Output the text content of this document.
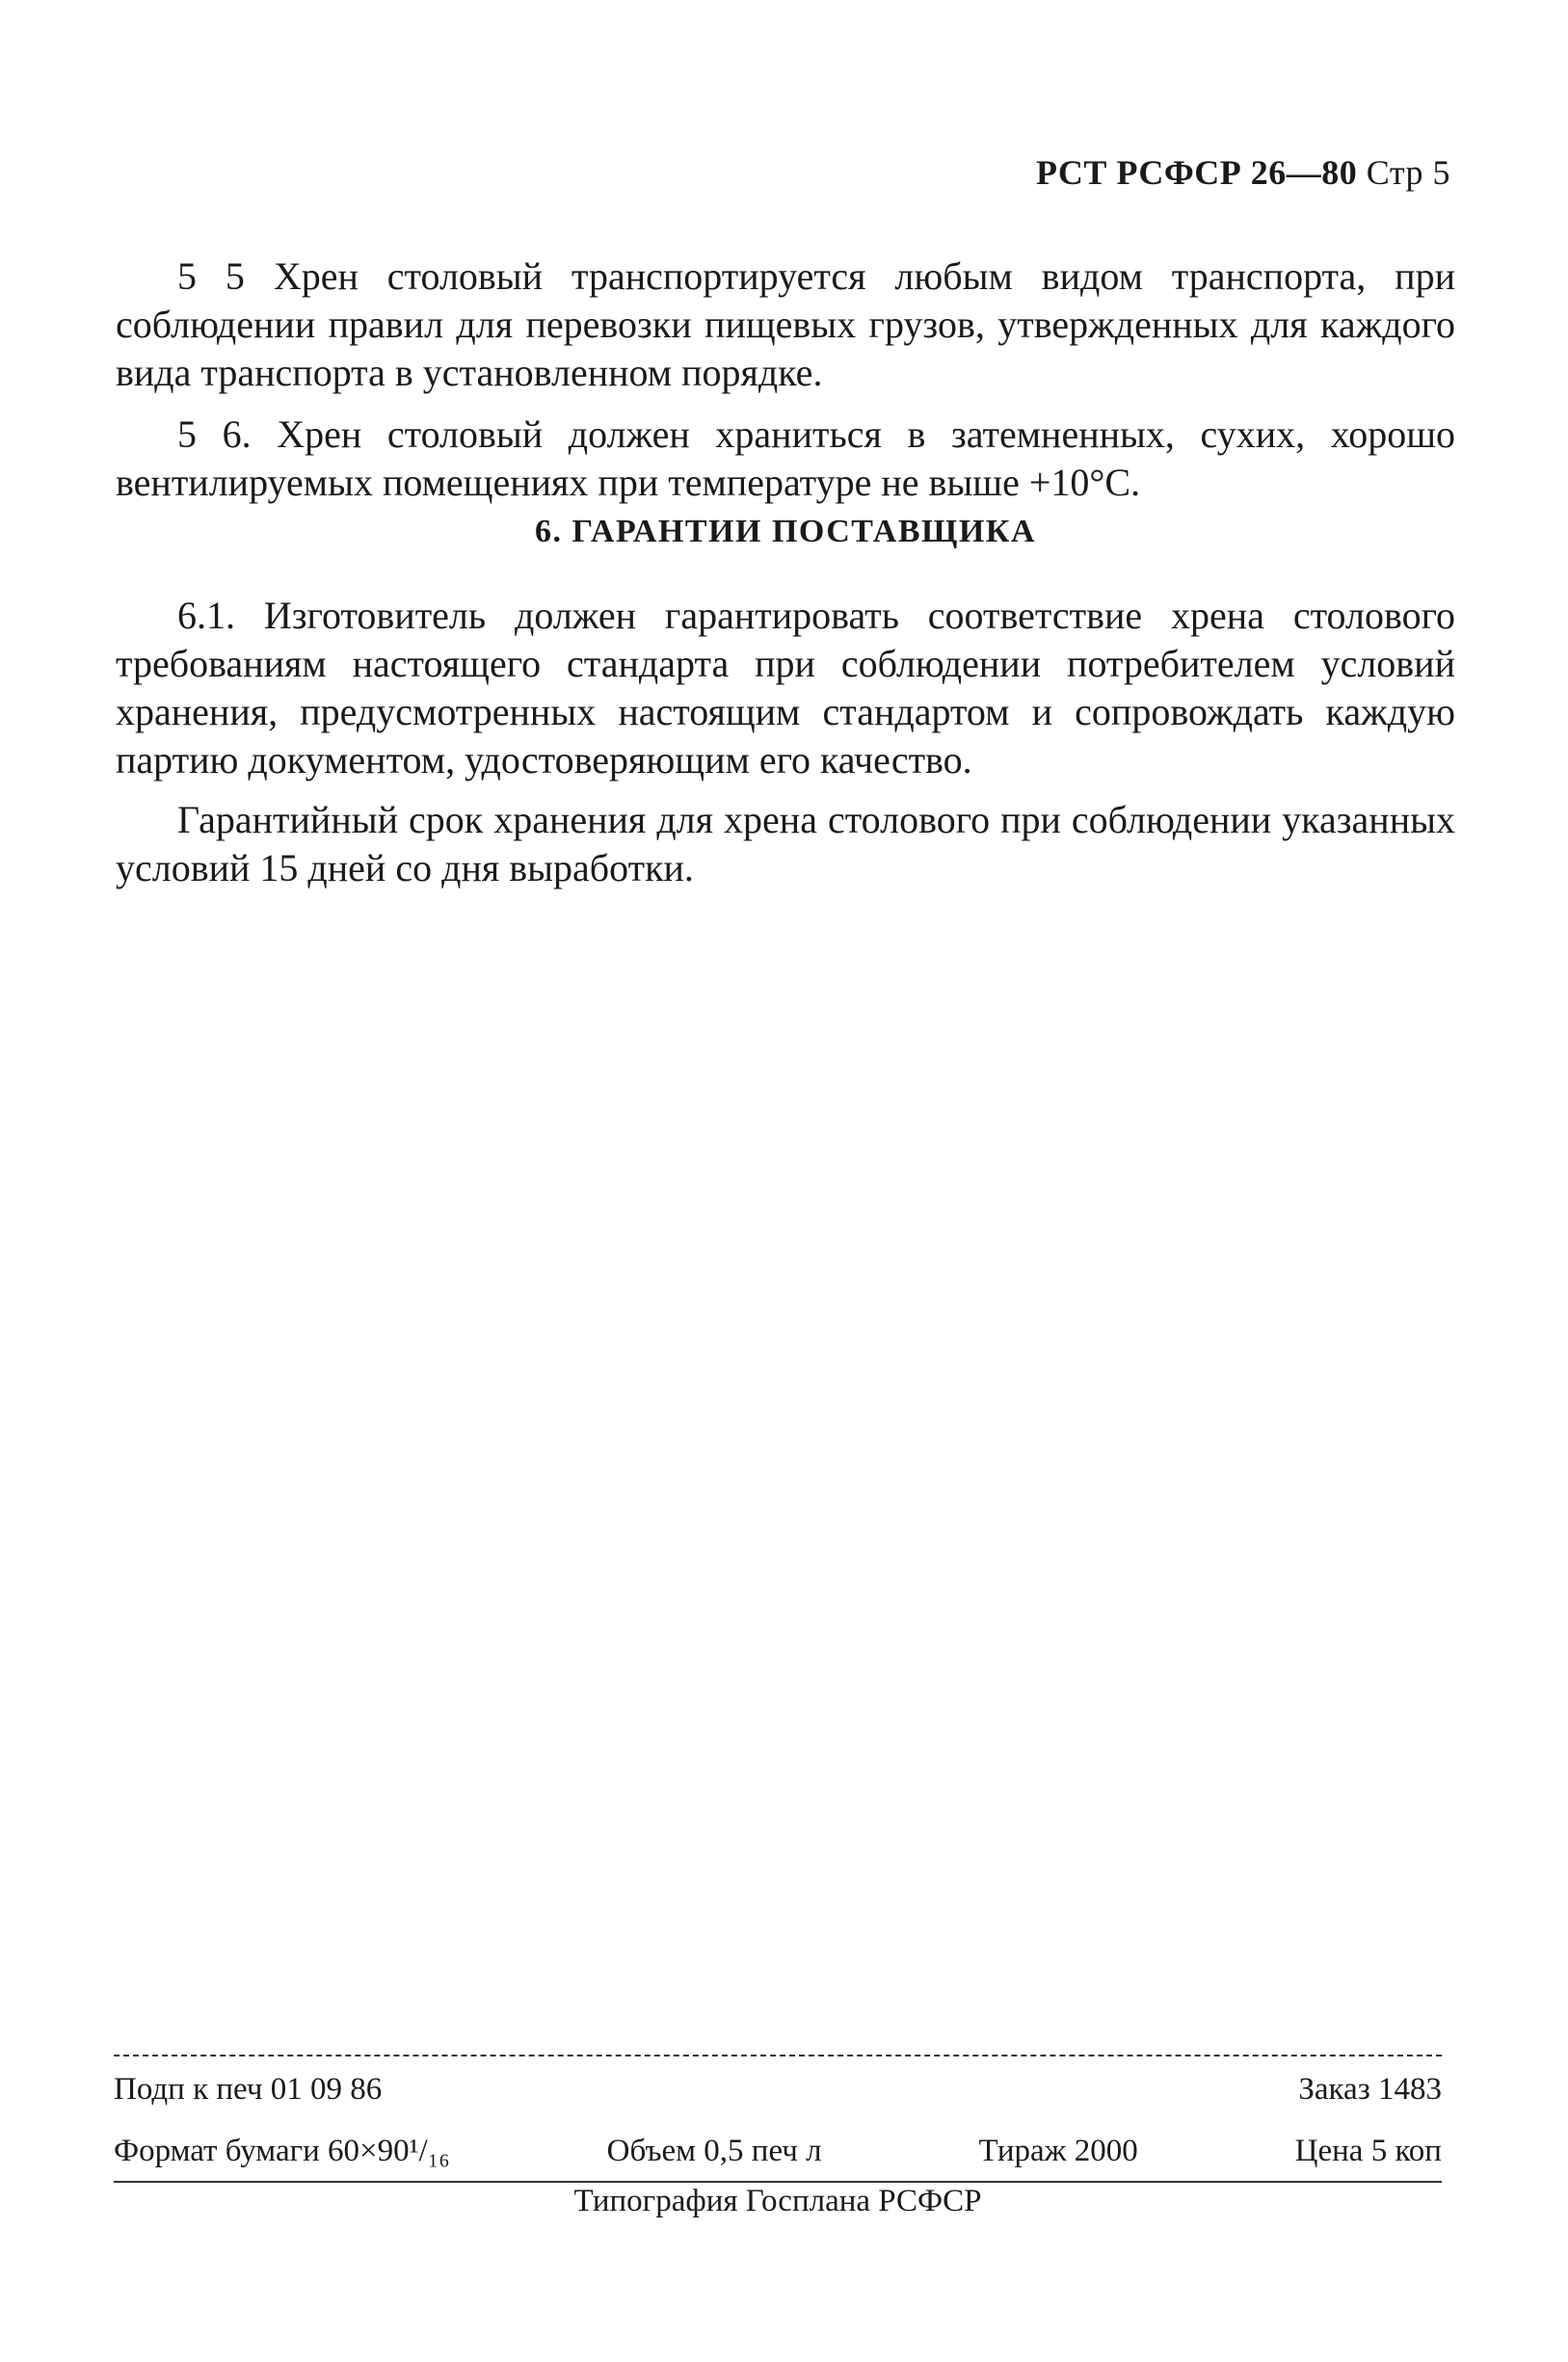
РСТ РСФСР 26—80 Стр 5

5 5 Хрен столовый транспортируется любым видом транспорта, при соблюдении правил для перевозки пищевых грузов, утвержденных для каждого вида транспорта в установленном порядке.

5 6. Хрен столовый должен храниться в затемненных, сухих, хорошо вентилируемых помещениях при температуре не выше +10°C.

6. ГАРАНТИИ ПОСТАВЩИКА

6.1. Изготовитель должен гарантировать соответствие хрена столового требованиям настоящего стандарта при соблюдении потребителем условий хранения, предусмотренных настоящим стандартом и сопровождать каждую партию документом, удостоверяющим его качество.

Гарантийный срок хранения для хрена столового при соблюдении указанных условий 15 дней со дня выработки.

Подп к печ 01 09 86	Заказ 1483
Формат бумаги 60×90¹/₁₆	Объем 0,5 печ л	Тираж 2000	Цена 5 коп
Типография Госплана РСФСР
